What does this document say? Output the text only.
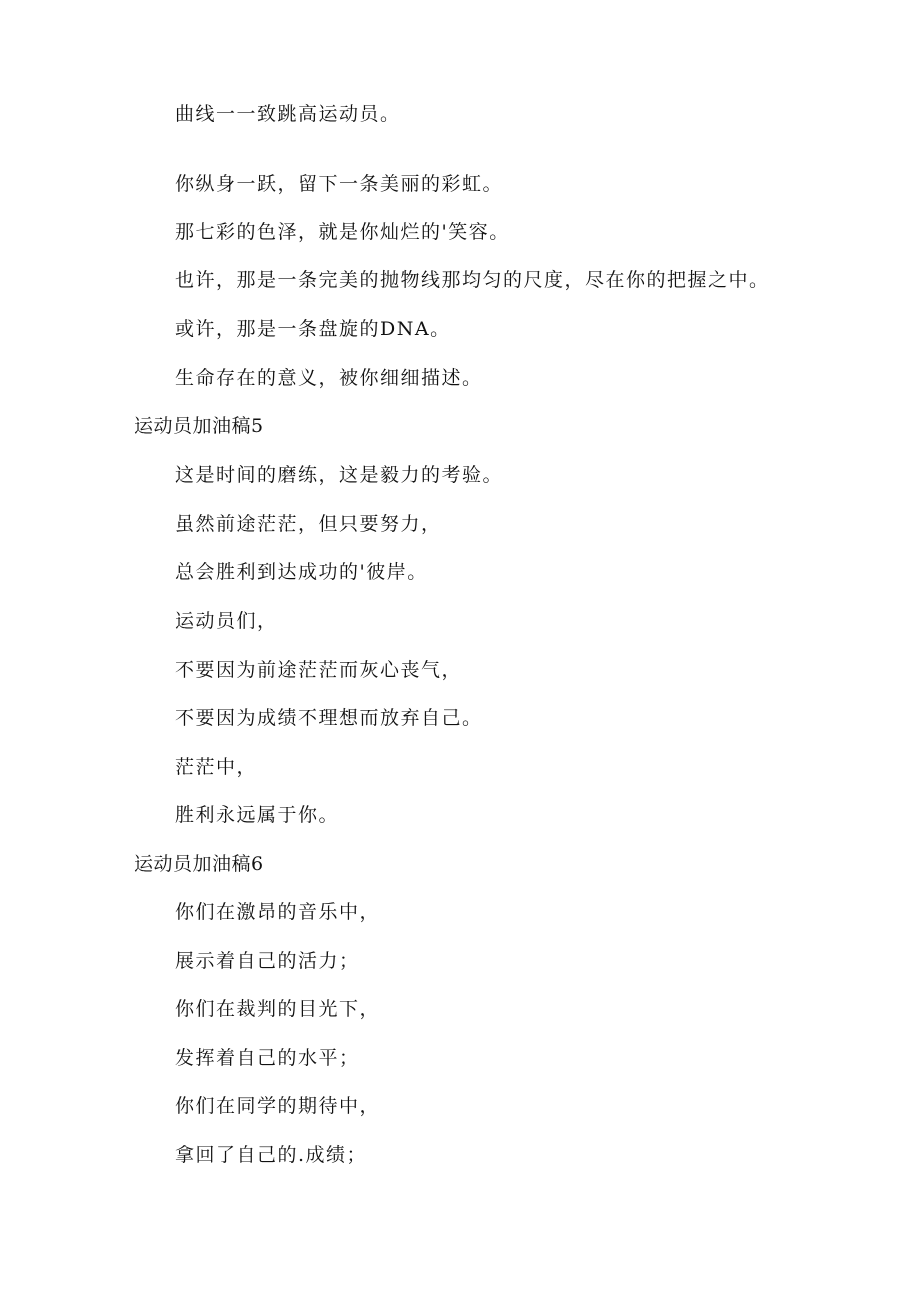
曲线一一致跳高运动员。
你纵身一跃，留下一条美丽的彩虹。
那七彩的色泽，就是你灿烂的'笑容。
也许，那是一条完美的抛物线那均匀的尺度，尽在你的把握之中。
或许，那是一条盘旋的DNA。
生命存在的意义，被你细细描述。
运动员加油稿5
这是时间的磨练，这是毅力的考验。
虽然前途茫茫，但只要努力，
总会胜利到达成功的'彼岸。
运动员们，
不要因为前途茫茫而灰心丧气，
不要因为成绩不理想而放弃自己。
茫茫中，
胜利永远属于你。
运动员加油稿6
你们在激昂的音乐中，
展示着自己的活力；
你们在裁判的目光下，
发挥着自己的水平；
你们在同学的期待中，
拿回了自己的.成绩；
